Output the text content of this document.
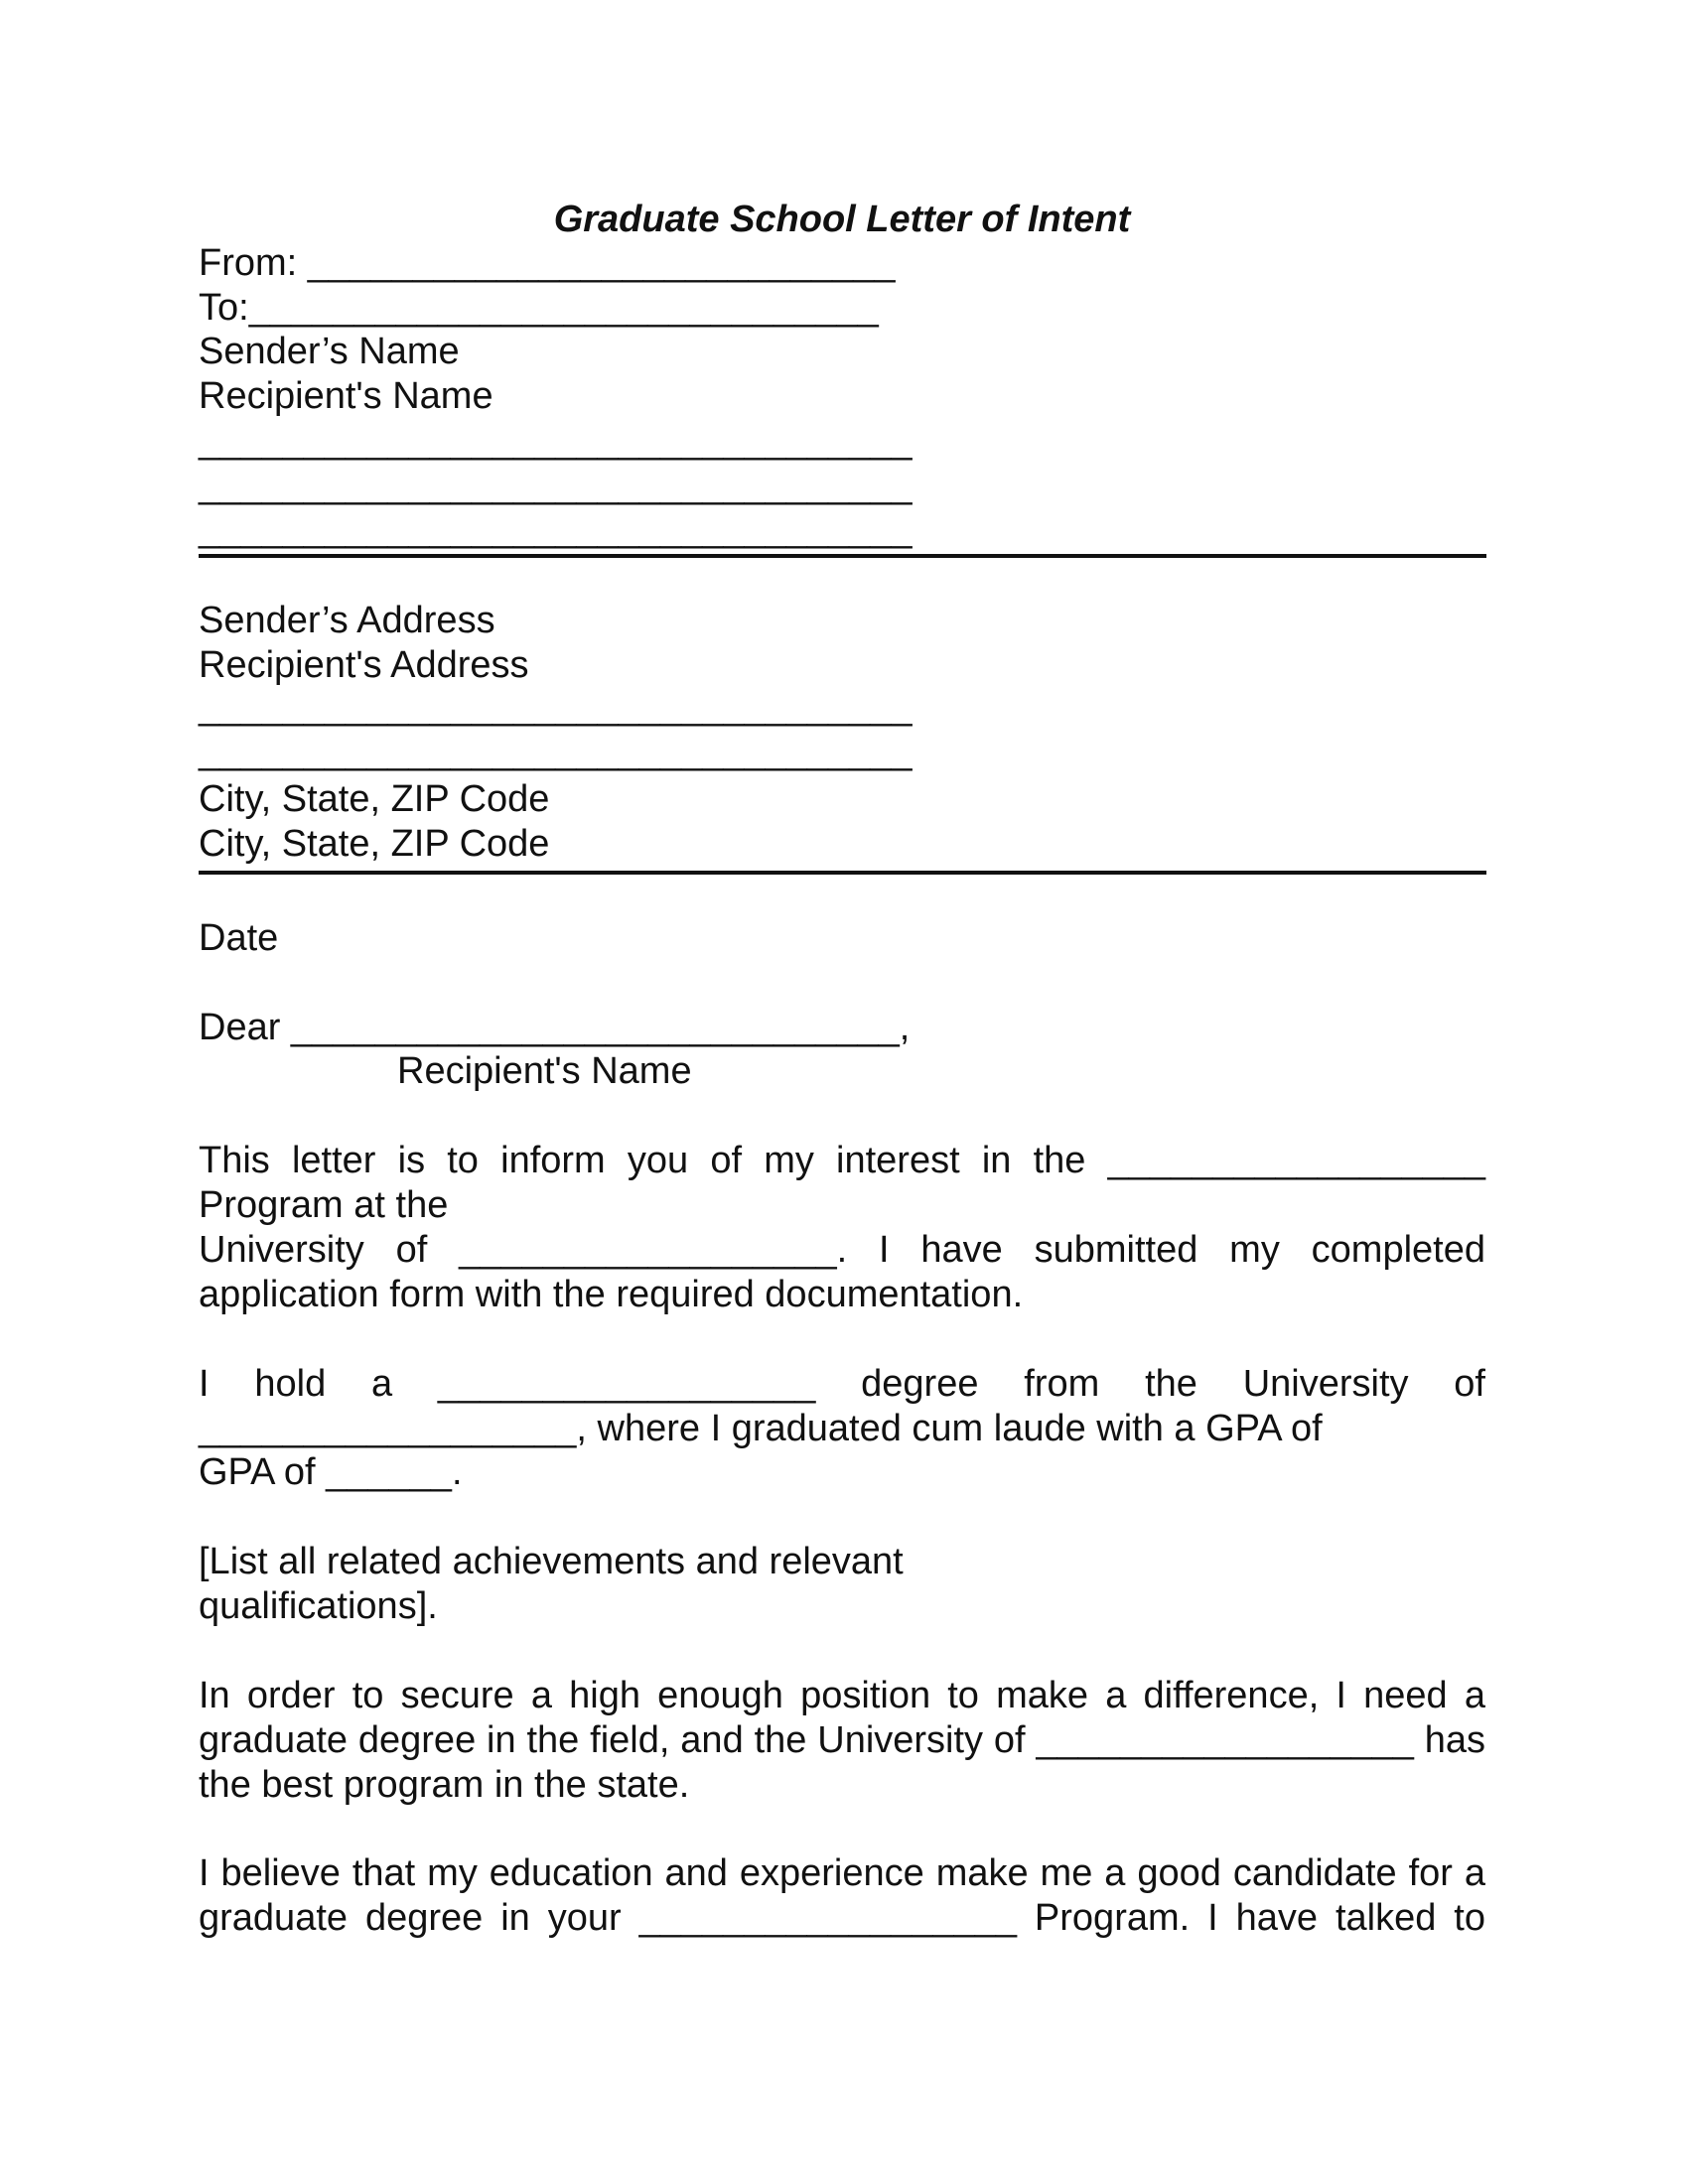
Graduate School Letter of Intent
From: ____________________________
To:______________________________
Sender’s Name
Recipient's Name
__________________________________
__________________________________
__________________________________
Sender’s Address
Recipient's Address
__________________________________
__________________________________
City, State, ZIP Code
City, State, ZIP Code
Date
Dear _____________________________,
Recipient's Name
This letter is to inform you of my interest in the __________________
Program at the
University of __________________. I have submitted my completed
application form with the required documentation.
I hold a __________________ degree from the University of
__________________, where I graduated cum laude with a GPA of
GPA of ______.
[List all related achievements and relevant
qualifications].
In order to secure a high enough position to make a difference, I need a
graduate degree in the field, and the University of __________________ has
the best program in the state.
I believe that my education and experience make me a good candidate for a
graduate degree in your __________________ Program. I have talked to
